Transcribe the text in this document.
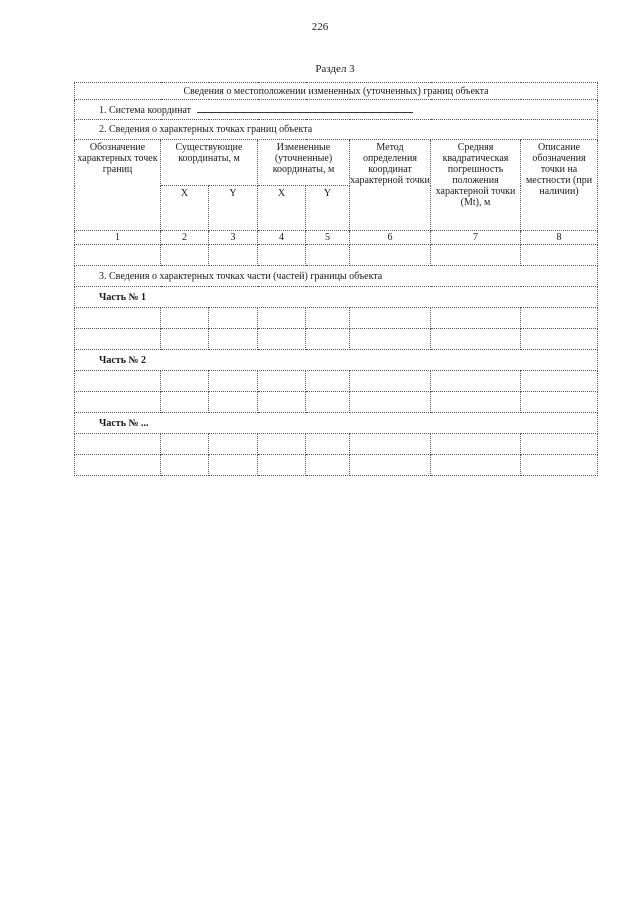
226
Раздел 3
Сведения о местоположении измененных (уточненных) границ объекта							
1. Система координат							
2. Сведения о характерных точках границ объекта							
Обозначение характерных точек границ	Существующие координаты, м		Измененные (уточненные) координаты, м		Метод определения координат характерной точки	Средняя квадратическая погрешность положения характерной точки (Mt), м	Описание обозначения точки на местности (при наличии)
	X	Y	X	Y			
1	2	3	4	5	6	7	8

3. Сведения о характерных точках части (частей) границы объекта							
Часть № 1							

Часть № 2							

Часть № ...							
